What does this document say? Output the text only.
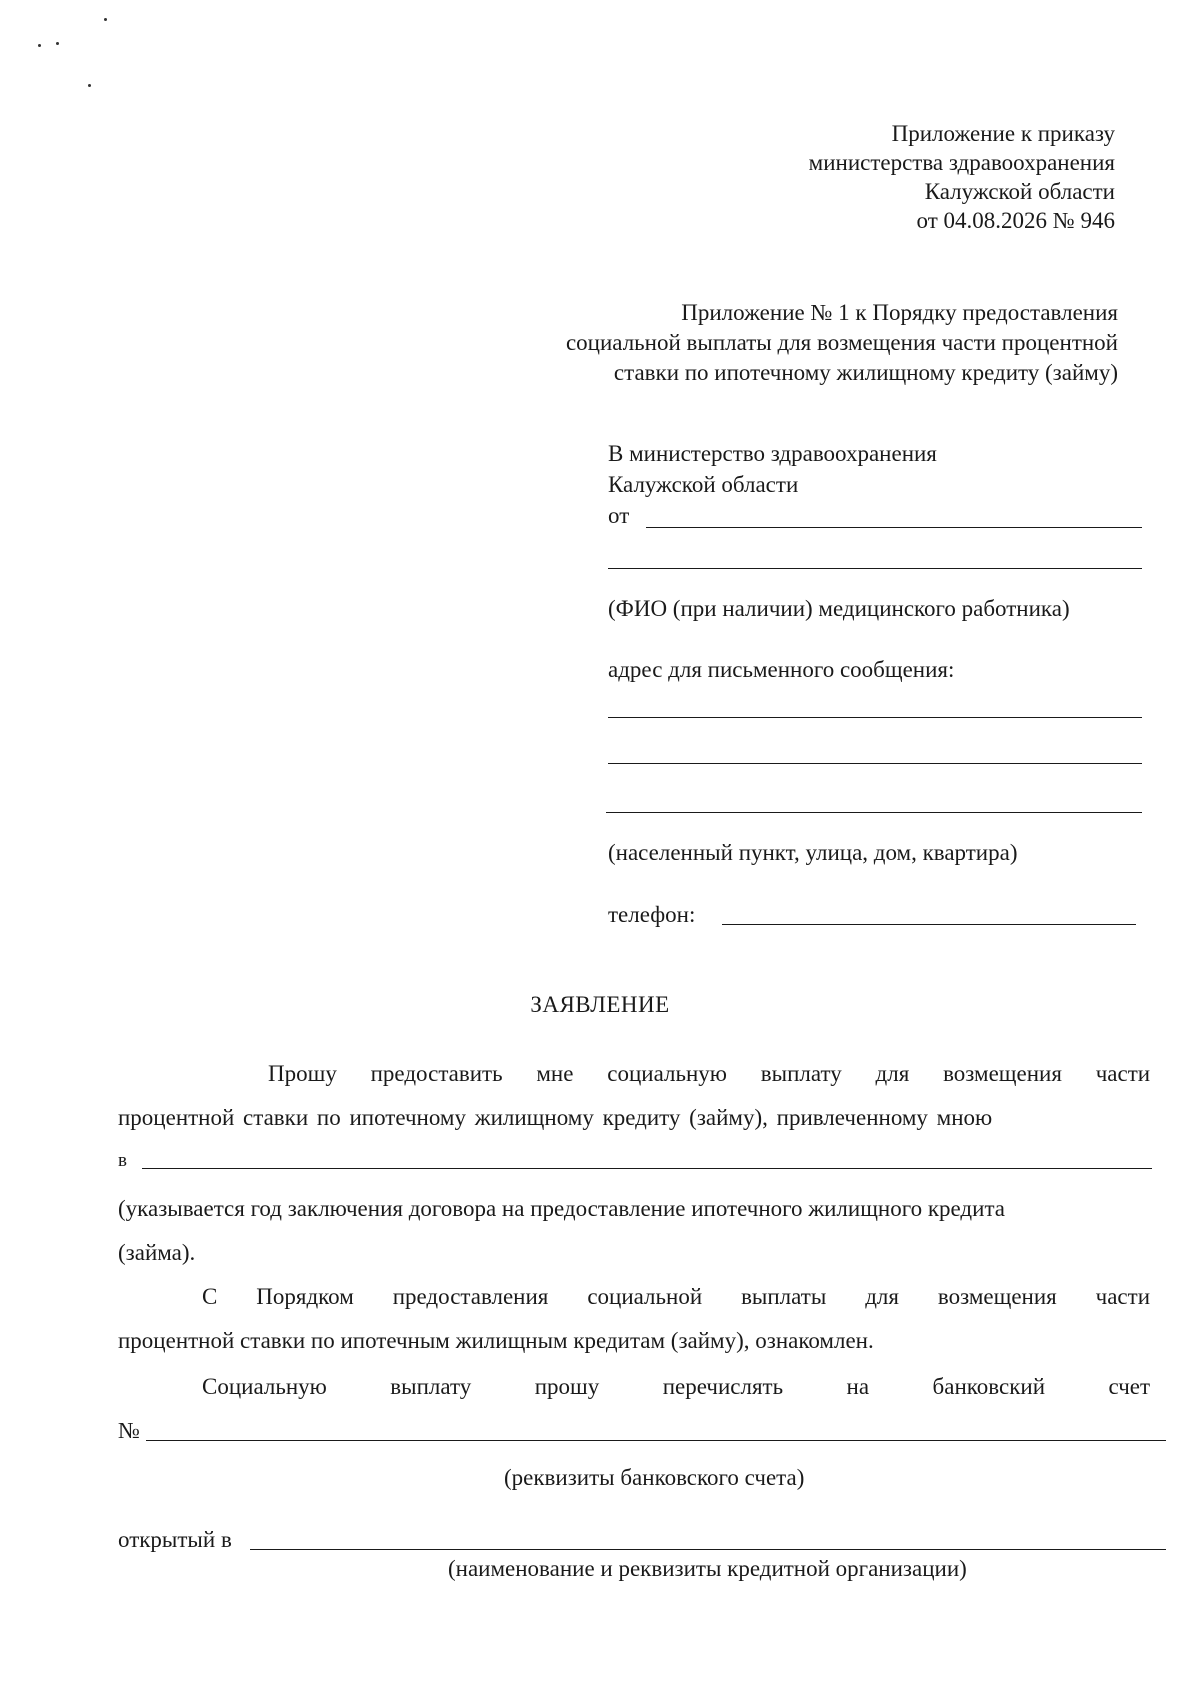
Приложение к приказу
министерства здравоохранения
Калужской области
от 04.08.2026 № 946
Приложение № 1 к Порядку предоставления
социальной выплаты для возмещения части процентной
ставки по ипотечному жилищному кредиту (займу)
В министерство здравоохранения
Калужской области
от
(ФИО (при наличии) медицинского работника)
адрес для письменного сообщения:
(населенный пункт, улица, дом, квартира)
телефон:
ЗАЯВЛЕНИЕ
Прошу предоставить мне социальную выплату для возмещения части
процентной ставки по ипотечному жилищному кредиту (займу), привлеченному мною
в
(указывается год заключения договора на предоставление ипотечного жилищного кредита
(займа).
С Порядком предоставления социальной выплаты для возмещения части
процентной ставки по ипотечным жилищным кредитам (займу), ознакомлен.
Социальную	выплату	прошу	перечислять	на	банковский	счет
№
(реквизиты банковского счета)
открытый в
(наименование и реквизиты кредитной организации)
